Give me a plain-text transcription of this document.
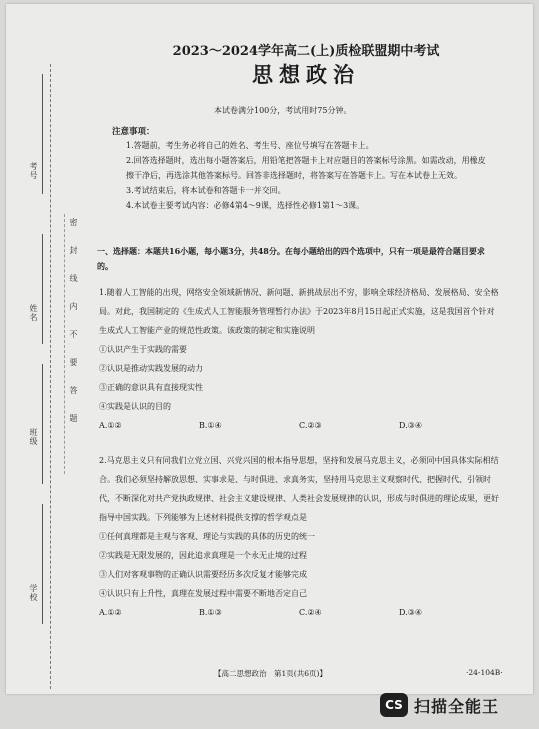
考号
姓名
班级
学校
密封线内不要答题
2023～2024学年高二(上)质检联盟期中考试
思想政治
本试卷满分100分，考试用时75分钟。
注意事项：

1.答题前，考生务必将自己的姓名、考生号、座位号填写在答题卡上。

2.回答选择题时，选出每小题答案后，用铅笔把答题卡上对应题目的答案标号涂黑。如需改动，用橡皮擦干净后，再选涂其他答案标号。回答非选择题时，将答案写在答题卡上。写在本试卷上无效。

3.考试结束后，将本试卷和答题卡一并交回。

4.本试卷主要考试内容：必修4第4～9课，选择性必修1第1～3课。

一、选择题：本题共16小题，每小题3分，共48分。在每小题给出的四个选项中，只有一项是最符合题目要求的。

1.随着人工智能的出现，网络安全领域新情况、新问题、新挑战层出不穷，影响全球经济格局、发展格局、安全格局。对此，我国制定的《生成式人工智能服务管理暂行办法》于2023年8月15日起正式实施，这是我国首个针对生成式人工智能产业的规范性政策。该政策的制定和实施说明

①认识产生于实践的需要

②认识是推动实践发展的动力

③正确的意识具有直接现实性

④实践是认识的目的

A.①②	B.①④	C.②③	D.③④

2.马克思主义只有同我们立党立国、兴党兴国的根本指导思想，坚持和发展马克思主义，必须同中国具体实际相结合。我们必须坚持解放思想、实事求是、与时俱进、求真务实，坚持用马克思主义观察时代、把握时代、引领时代，不断深化对共产党执政规律、社会主义建设规律、人类社会发展规律的认识，形成与时俱进的理论成果，更好指导中国实践。下列能够为上述材料提供支撑的哲学观点是

①任何真理都是主观与客观、理论与实践的具体的历史的统一

②实践是无限发展的，因此追求真理是一个永无止境的过程

③人们对客观事物的正确认识需要经历多次反复才能够完成

④认识只有上升性，真理在发展过程中需要不断地否定自己

A.①②	B.①③	C.②④	D.③④

【高二思想政治　第1页(共6页)】	·24-104B·
CS 扫描全能王
